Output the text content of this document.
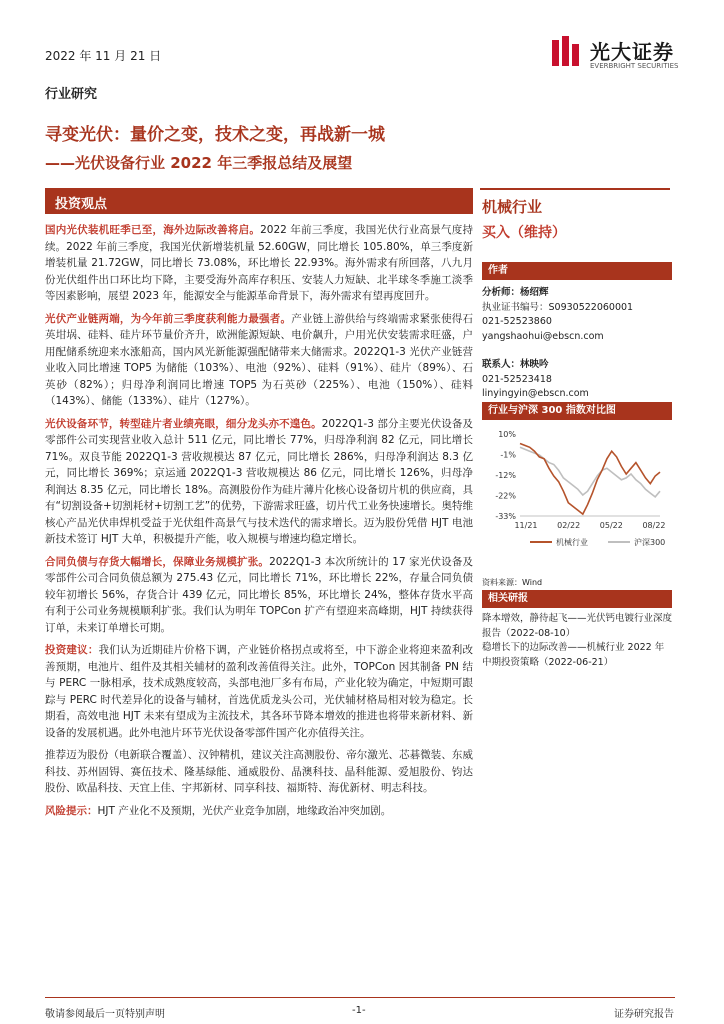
2022 年 11 月 21 日	光大证券
EVERBRIGHT SECURITIES
行业研究
寻变光伏：量价之变，技术之变，再战新一城
——光伏设备行业 2022 年三季报总结及展望
投资观点

国内光伏装机旺季已至，海外边际改善将启。2022 年前三季度，我国光伏行业高景气度持续。2022 年前三季度，我国光伏新增装机量 52.60GW，同比增长 105.80%，单三季度新增装机量 21.72GW，同比增长 73.08%，环比增长 22.93%。海外需求有所回落，八九月份光伏组件出口环比均下降，主要受海外高库存积压、安装人力短缺、北半球冬季施工淡季等因素影响，展望 2023 年，能源安全与能源革命背景下，海外需求有望再度回升。

光伏产业链两端，为今年前三季度获利能力最强者。产业链上游供给与终端需求紧张使得石英坩埚、硅料、硅片环节量价齐升，欧洲能源短缺、电价飙升，户用光伏安装需求旺盛，户用配储系统迎来水涨船高，国内风光新能源强配储带来大储需求。2022Q1-3 光伏产业链营业收入同比增速 TOP5 为储能（103%）、电池（92%）、硅料（91%）、硅片（89%）、石英砂（82%）；归母净利润同比增速 TOP5 为石英砂（225%）、电池（150%）、硅料（143%）、储能（133%）、硅片（127%）。

光伏设备环节，转型硅片者业绩亮眼，细分龙头亦不遑色。2022Q1-3 部分主要光伏设备及零部件公司实现营业收入总计 511 亿元，同比增长 77%，归母净利润 82 亿元，同比增长 71%。双良节能 2022Q1-3 营收规模达 87 亿元，同比增长 286%，归母净利润达 8.3 亿元，同比增长 369%；京运通 2022Q1-3 营收规模达 86 亿元，同比增长 126%，归母净利润达 8.35 亿元，同比增长 18%。高测股份作为硅片薄片化核心设备切片机的供应商，具有“切割设备+切割耗材+切割工艺”的优势，下游需求旺盛，切片代工业务快速增长。奥特维核心产品光伏串焊机受益于光伏组件高景气与技术迭代的需求增长。迈为股份凭借 HJT 电池新技术签订 HJT 大单，积极提升产能，收入规模与增速均稳定增长。

合同负债与存货大幅增长，保障业务规模扩张。2022Q1-3 本次所统计的 17 家光伏设备及零部件公司合同负债总额为 275.43 亿元，同比增长 71%，环比增长 22%，存量合同负债较年初增长 56%，存货合计 439 亿元，同比增长 85%，环比增长 24%，整体存货水平高有利于公司业务规模顺利扩张。我们认为明年 TOPCon 扩产有望迎来高峰期，HJT 持续获得订单，未来订单增长可期。

投资建议：我们认为近期硅片价格下调，产业链价格拐点或将至，中下游企业将迎来盈利改善预期，电池片、组件及其相关辅材的盈利改善值得关注。此外，TOPCon 因其制备 PN 结与 PERC 一脉相承，技术成熟度较高，头部电池厂多有布局，产业化较为确定，中短期可跟踪与 PERC 时代差异化的设备与辅材，首选优质龙头公司，光伏辅材格局相对较为稳定。长期看，高效电池 HJT 未来有望成为主流技术，其各环节降本增效的推进也将带来新材料、新设备的发展机遇。此外电池片环节光伏设备零部件国产化亦值得关注。

推荐迈为股份（电新联合覆盖）、汉钟精机，建议关注高测股份、帝尔激光、芯碁微装、东威科技、苏州固锝、赛伍技术、隆基绿能、通威股份、晶澳科技、晶科能源、爱旭股份、钧达股份、欧晶科技、天宜上佳、宇邦新材、同享科技、福斯特、海优新材、明志科技。

风险提示：HJT 产业化不及预期，光伏产业竞争加剧，地缘政治冲突加剧。

机械行业
买入（维持）
作者
分析师：杨绍辉
执业证书编号：S0930522060001
021-52523860
yangshaohui@ebscn.com
联系人：林映吟
021-52523418
linyingyin@ebscn.com
行业与沪深 300 指数对比图
10%
-1%
-12%
-22%
-33%
11/21 02/22 05/22 08/22
机械行业	沪深300
资料来源：Wind
相关研报
降本增效，静待起飞——光伏钙电镀行业深度报告（2022-08-10）
稳增长下的边际改善——机械行业 2022 年中期投资策略（2022-06-21）
敬请参阅最后一页特别声明	-1-	证券研究报告
